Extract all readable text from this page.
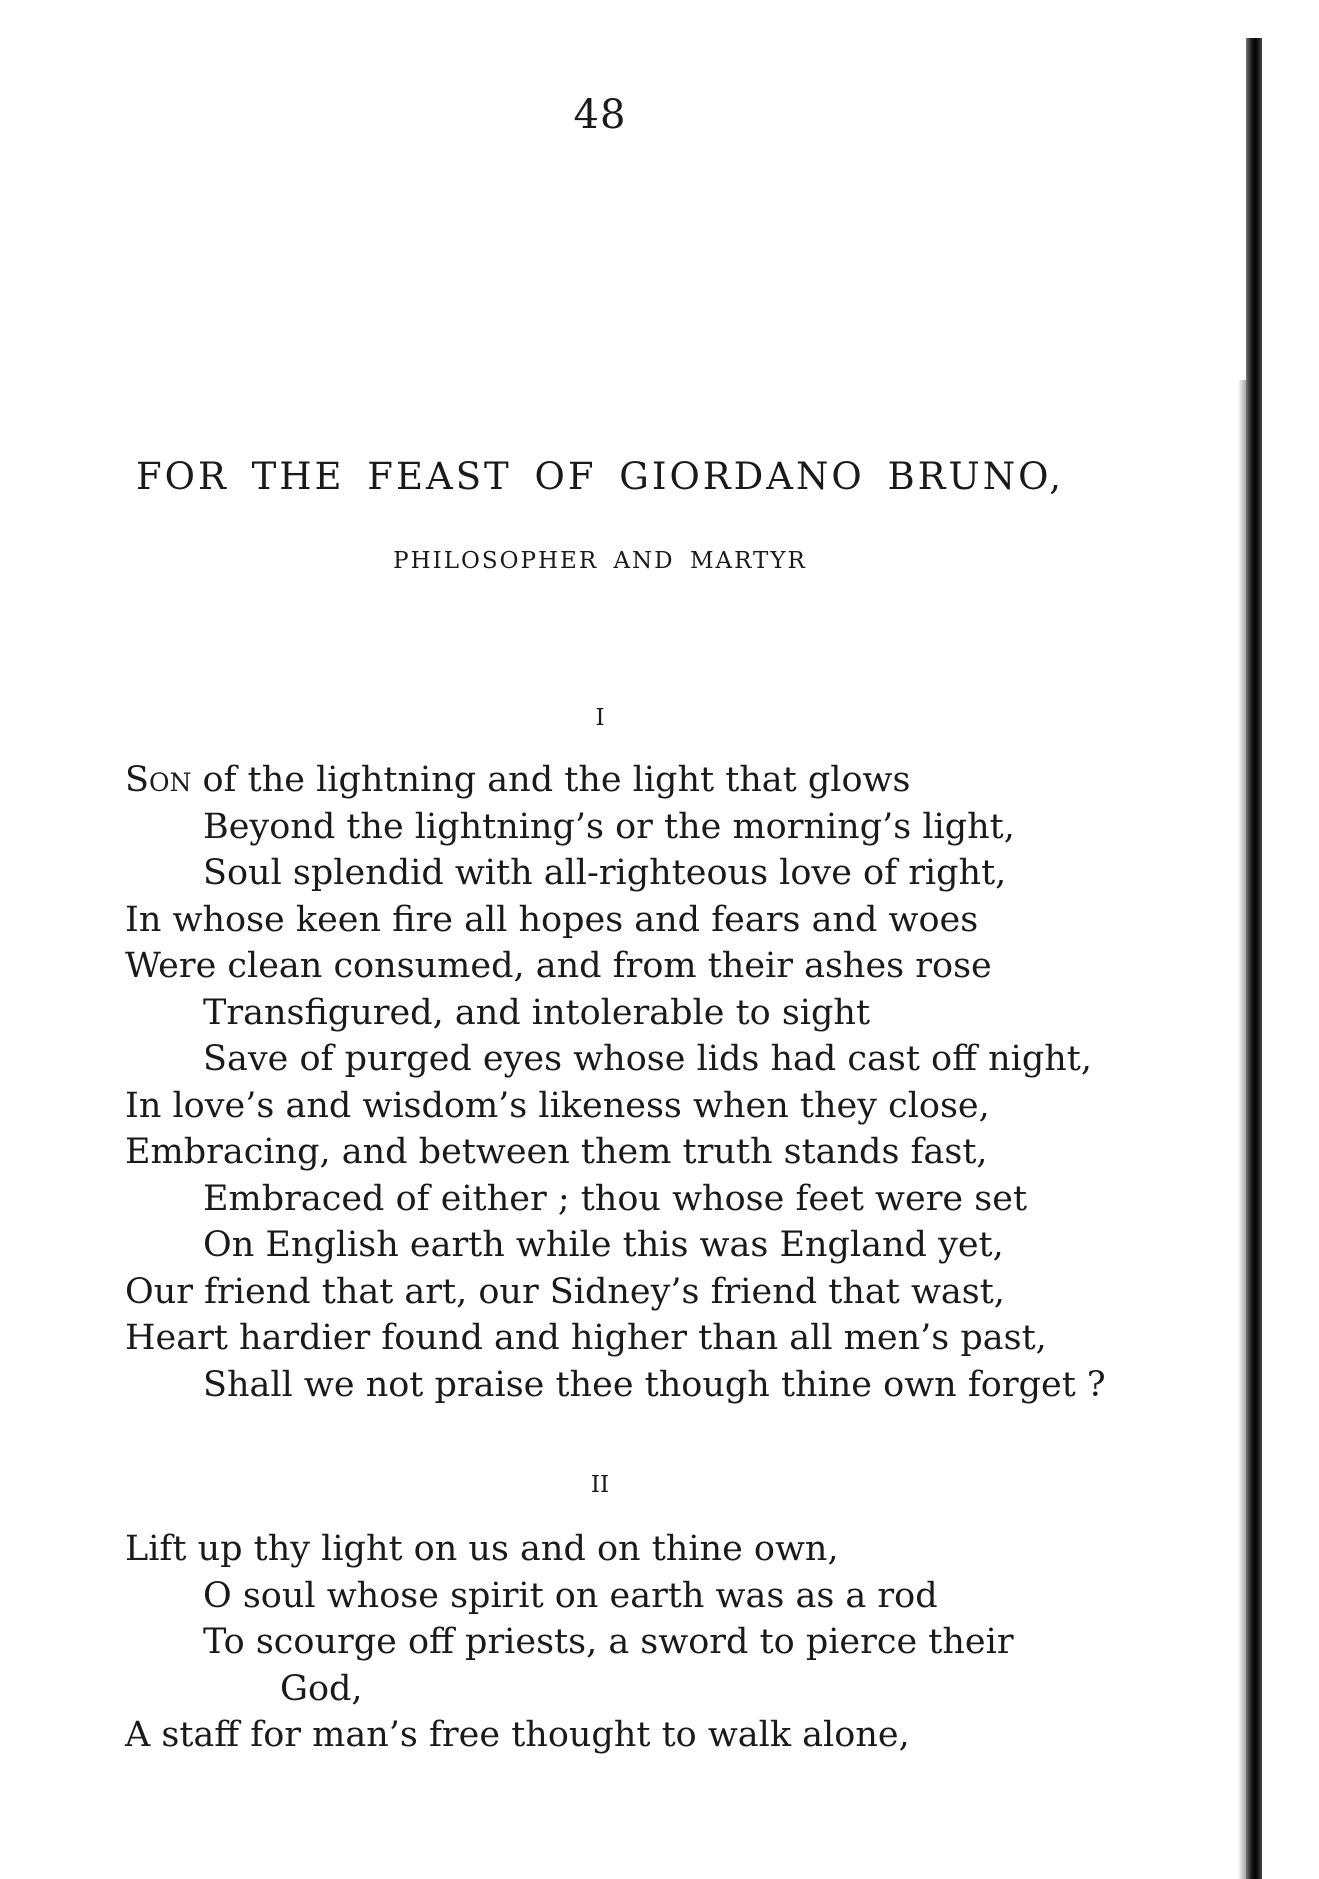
48
FOR THE FEAST OF GIORDANO BRUNO,
PHILOSOPHER AND MARTYR
I
Son of the lightning and the light that glows
Beyond the lightning’s or the morning’s light,
Soul splendid with all-righteous love of right,
In whose keen fire all hopes and fears and woes
Were clean consumed, and from their ashes rose
Transfigured, and intolerable to sight
Save of purged eyes whose lids had cast off night,
In love’s and wisdom’s likeness when they close,
Embracing, and between them truth stands fast,
Embraced of either ; thou whose feet were set
On English earth while this was England yet,
Our friend that art, our Sidney’s friend that wast,
Heart hardier found and higher than all men’s past,
Shall we not praise thee though thine own forget ?
II
Lift up thy light on us and on thine own,
O soul whose spirit on earth was as a rod
To scourge off priests, a sword to pierce their
God,
A staff for man’s free thought to walk alone,
